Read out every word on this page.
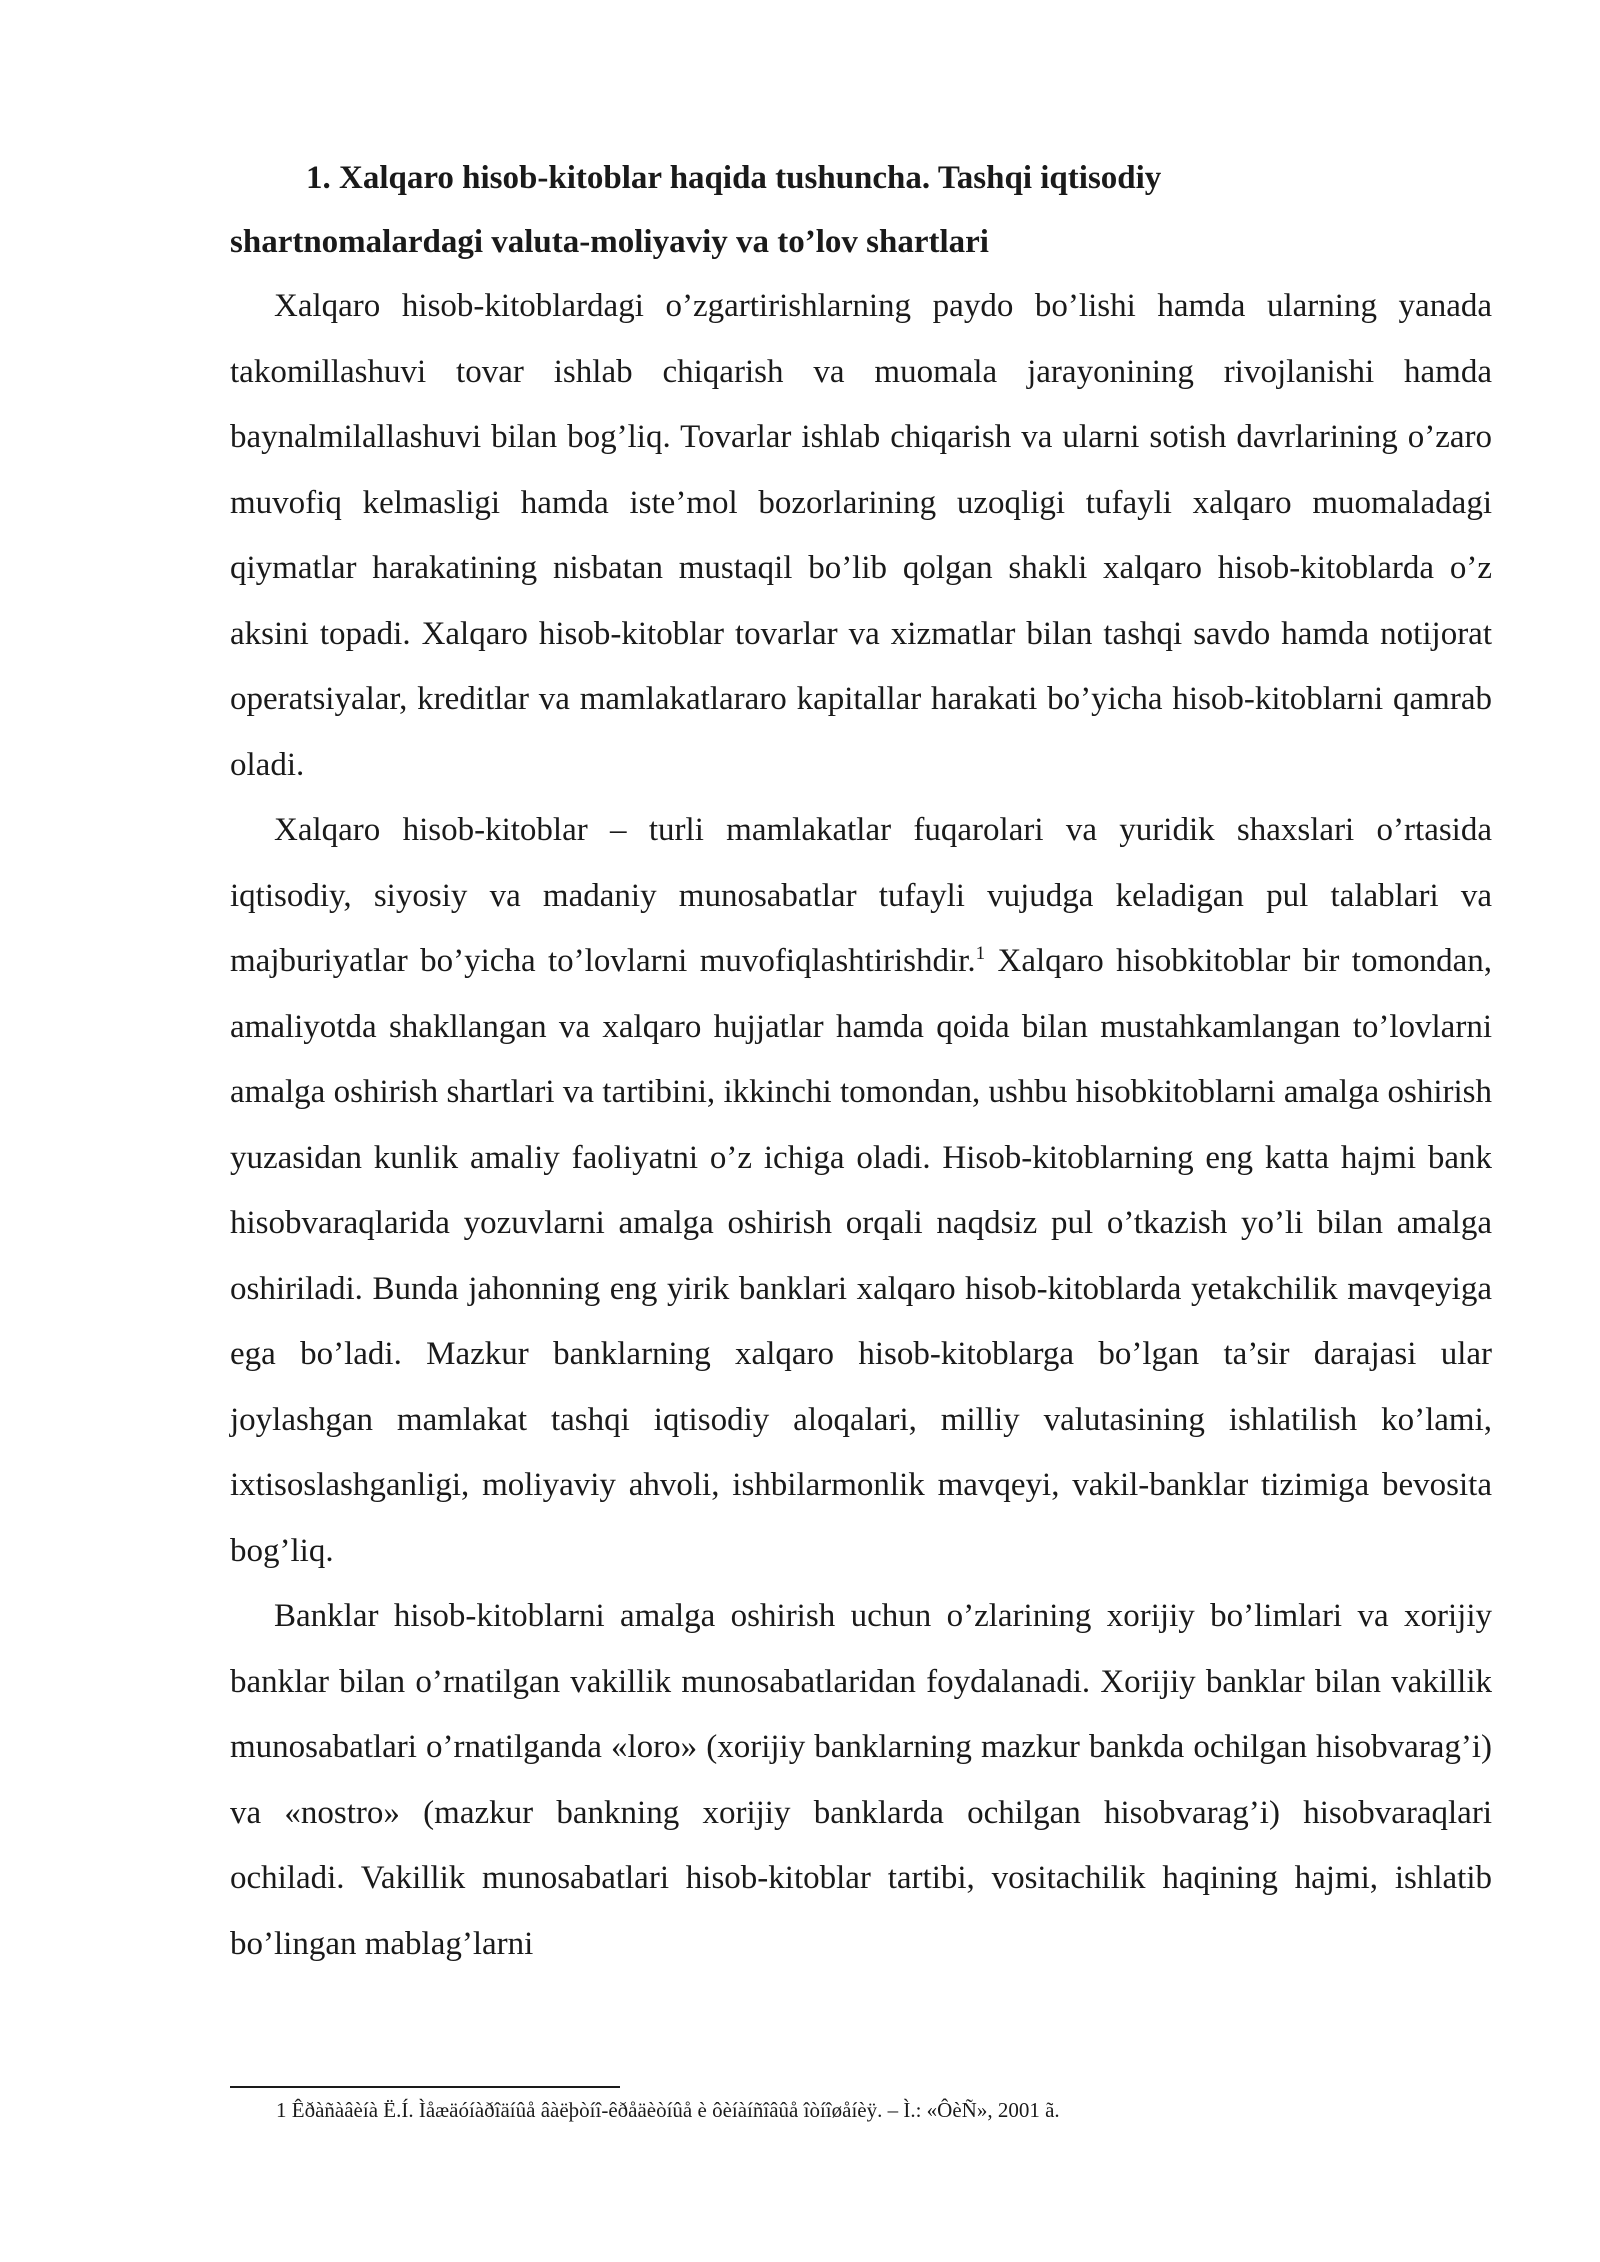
1. Xalqaro hisob-kitoblar haqida tushuncha. Tashqi iqtisodiy
shartnomalardagi valuta-moliyaviy va to’lov shartlari

Xalqaro hisob-kitoblardagi o’zgartirishlarning paydo bo’lishi hamda ularning yanada takomillashuvi tovar ishlab chiqarish va muomala jarayonining rivojlanishi hamda baynalmilallashuvi bilan bog’liq. Tovarlar ishlab chiqarish va ularni sotish davrlarining o’zaro muvofiq kelmasligi hamda iste’mol bozorlarining uzoqligi tufayli xalqaro muomaladagi qiymatlar harakatining nisbatan mustaqil bo’lib qolgan shakli xalqaro hisob-kitoblarda o’z aksini topadi. Xalqaro hisob-kitoblar tovarlar va xizmatlar bilan tashqi savdo hamda notijorat operatsiyalar, kreditlar va mamlakatlararo kapitallar harakati bo’yicha hisob-kitoblarni qamrab oladi.

Xalqaro hisob-kitoblar – turli mamlakatlar fuqarolari va yuridik shaxslari o’rtasida iqtisodiy, siyosiy va madaniy munosabatlar tufayli vujudga keladigan pul talablari va majburiyatlar bo’yicha to’lovlarni muvofiqlashtirishdir.$^1$ Xalqaro hisobkitoblar bir tomondan, amaliyotda shakllangan va xalqaro hujjatlar hamda qoida bilan mustahkamlangan to’lovlarni amalga oshirish shartlari va tartibini, ikkinchi tomondan, ushbu hisobkitoblarni amalga oshirish yuzasidan kunlik amaliy faoliyatni o’z ichiga oladi. Hisob-kitoblarning eng katta hajmi bank hisobvaraqlarida yozuvlarni amalga oshirish orqali naqdsiz pul o’tkazish yo’li bilan amalga oshiriladi. Bunda jahonning eng yirik banklari xalqaro hisob-kitoblarda yetakchilik mavqeyiga ega bo’ladi. Mazkur banklarning xalqaro hisob-kitoblarga bo’lgan ta’sir darajasi ular joylashgan mamlakat tashqi iqtisodiy aloqalari, milliy valutasining ishlatilish ko’lami, ixtisoslashganligi, moliyaviy ahvoli, ishbilarmonlik mavqeyi, vakil-banklar tizimiga bevosita bog’liq.

Banklar hisob-kitoblarni amalga oshirish uchun o’zlarining xorijiy bo’limlari va xorijiy banklar bilan o’rnatilgan vakillik munosabatlaridan foydalanadi. Xorijiy banklar bilan vakillik munosabatlari o’rnatilganda «loro» (xorijiy banklarning mazkur bankda ochilgan hisobvarag’i) va «nostro» (mazkur bankning xorijiy banklarda ochilgan hisobvarag’i) hisobvaraqlari ochiladi. Vakillik munosabatlari hisob-kitoblar tartibi, vositachilik haqining hajmi, ishlatib bo’lingan mablag’larni

1 Êðàñàâèíà Ë.Í. Ìåæäóíàðîäíûå âàëþòíî-êðåäèòíûå è ôèíàíñîâûå îòíîøåíèÿ. – Ì.: «ÔèÑ», 2001 ã.
